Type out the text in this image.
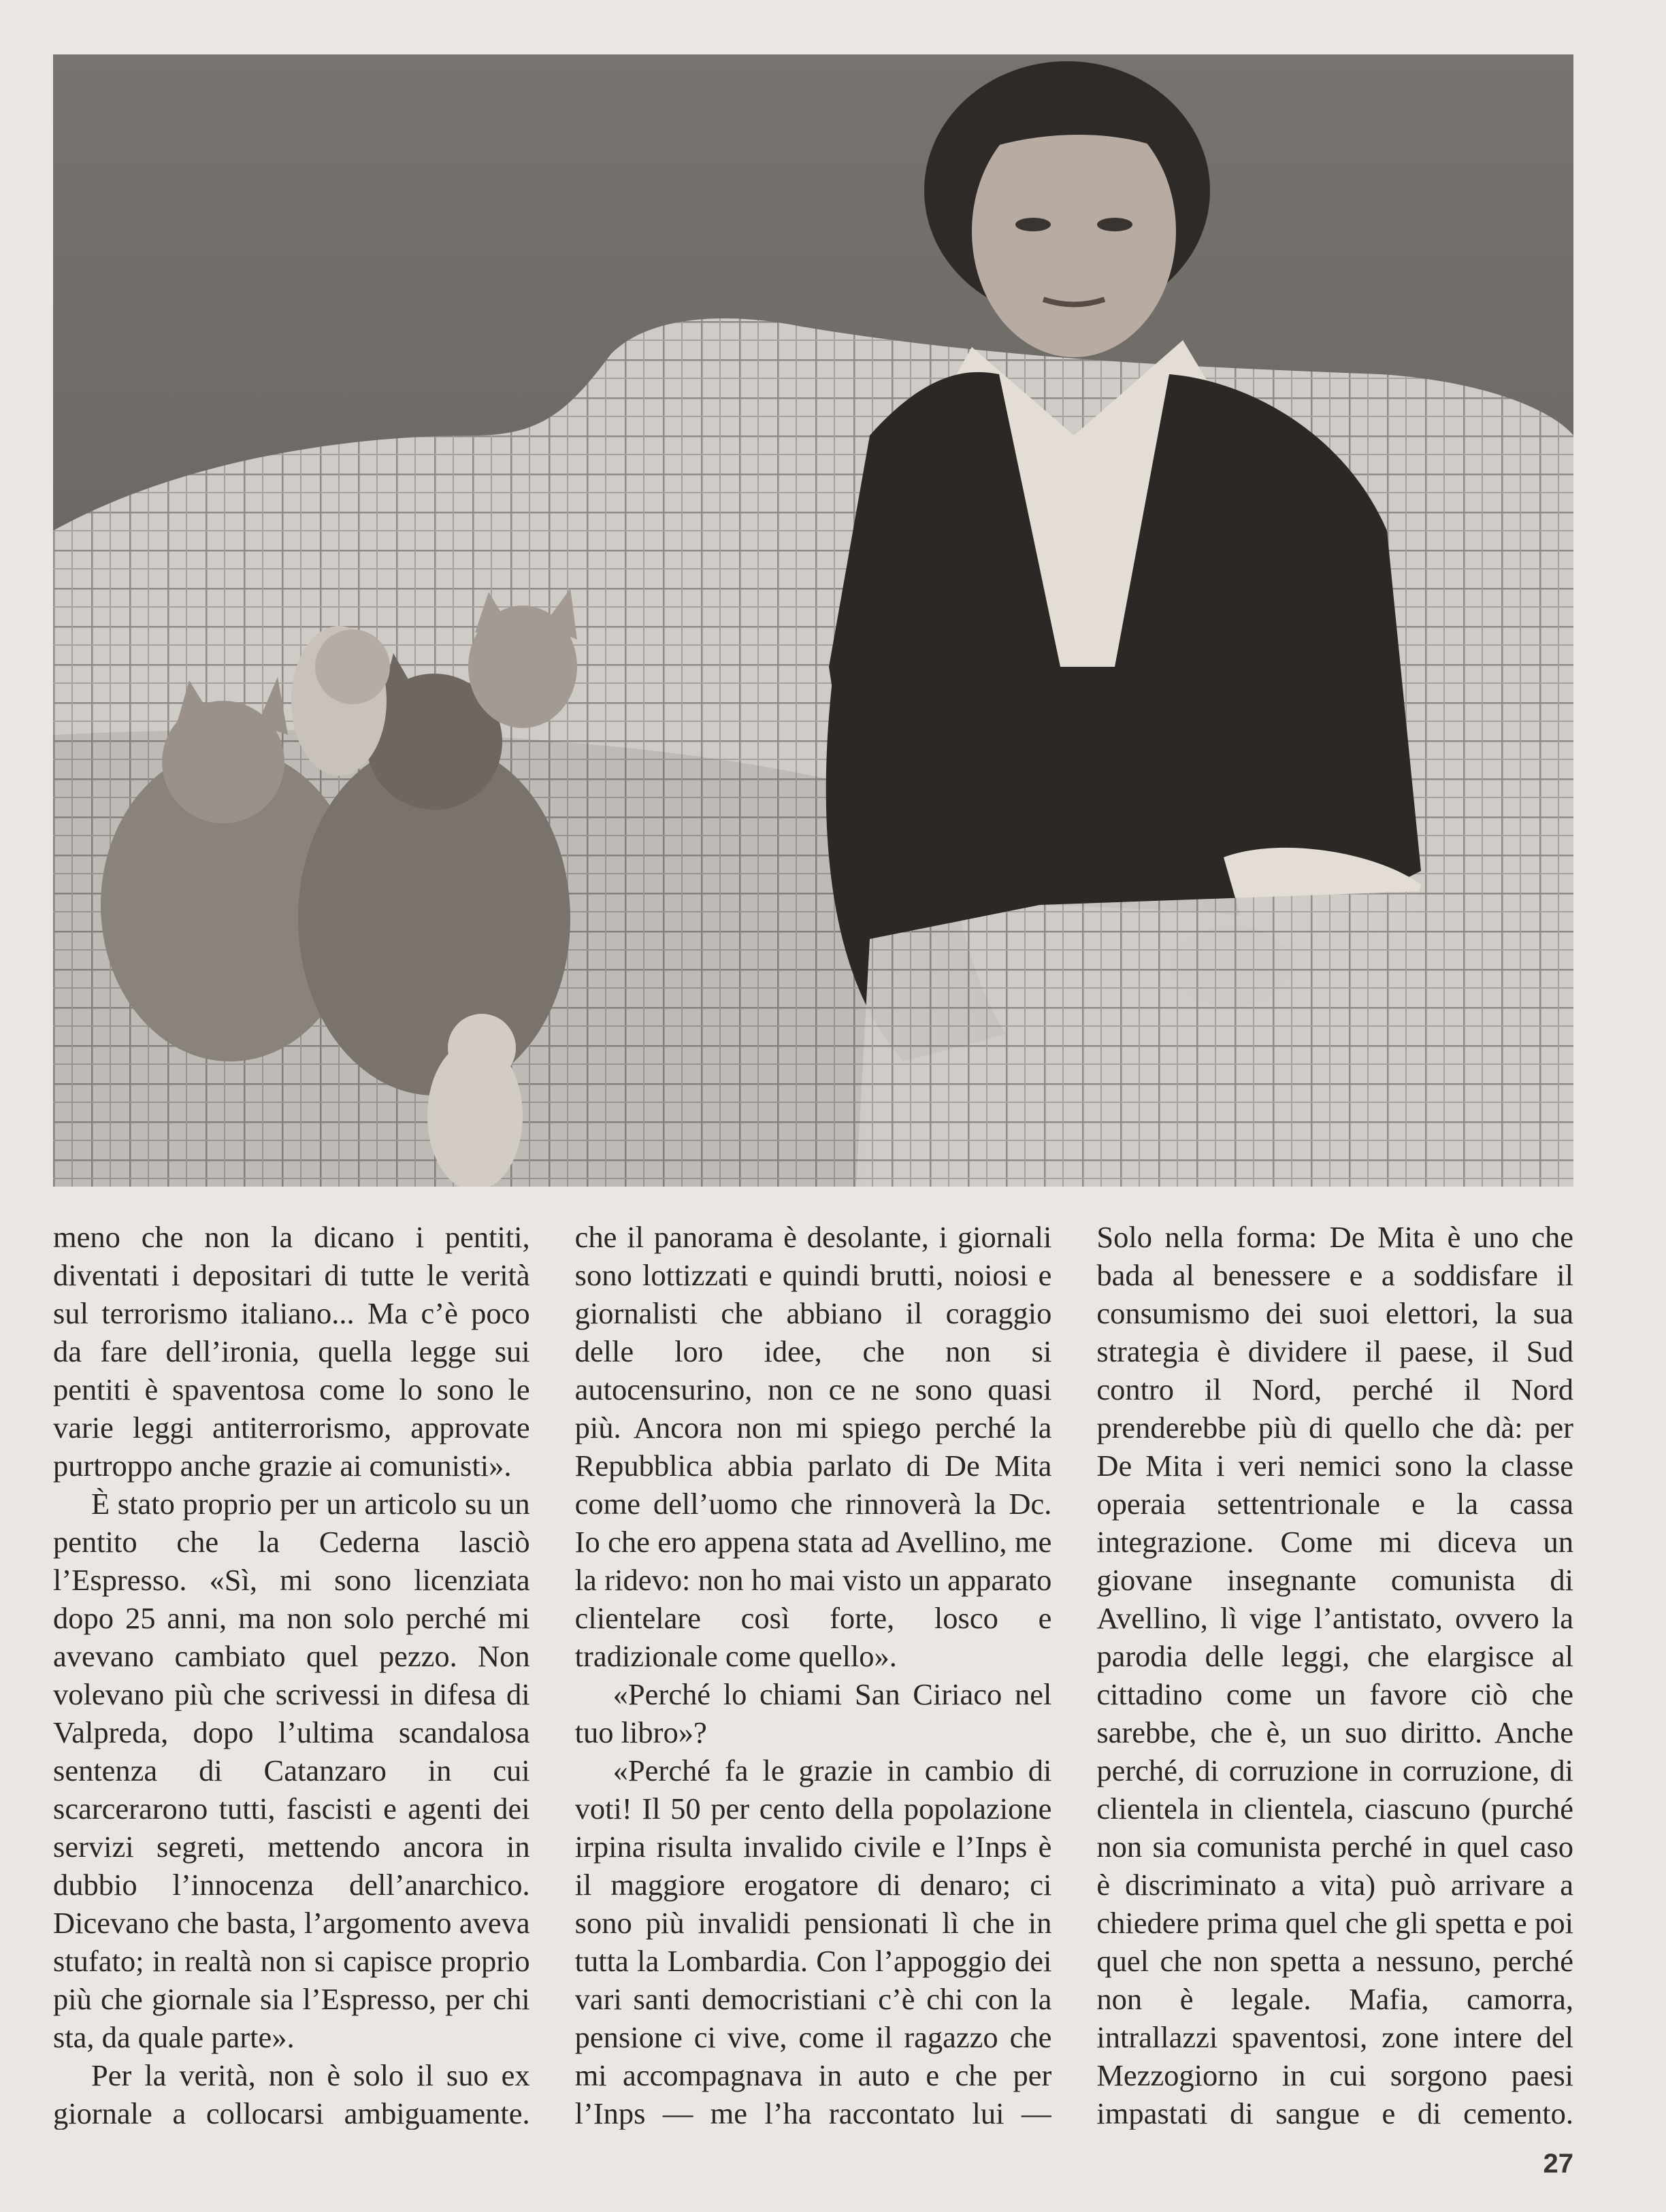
meno che non la dicano i pentiti, diventati i depositari di tutte le verità sul terrorismo italiano... Ma c’è poco da fare dell’ironia, quella legge sui pentiti è spaventosa come lo sono le varie leggi antiterrorismo, approvate purtroppo anche grazie ai comunisti».

È stato proprio per un articolo su un pentito che la Cederna lasciò l’Espresso. «Sì, mi sono licenziata dopo 25 anni, ma non solo perché mi avevano cambiato quel pezzo. Non volevano più che scrivessi in difesa di Valpreda, dopo l’ultima scandalosa sentenza di Catanzaro in cui scarcerarono tutti, fascisti e agenti dei servizi segreti, mettendo ancora in dubbio l’innocenza dell’anarchico. Dicevano che basta, l’argomento aveva stufato; in realtà non si capisce proprio più che giornale sia l’Espresso, per chi sta, da quale parte».

Per la verità, non è solo il suo ex giornale a collocarsi ambiguamente.

che il panorama è desolante, i giornali sono lottizzati e quindi brutti, noiosi e giornalisti che abbiano il coraggio delle loro idee, che non si autocensurino, non ce ne sono quasi più. Ancora non mi spiego perché la Repubblica abbia parlato di De Mita come dell’uomo che rinnoverà la Dc. Io che ero appena stata ad Avellino, me la ridevo: non ho mai visto un apparato clientelare così forte, losco e tradizionale come quello».

«Perché lo chiami San Ciriaco nel tuo libro»?

«Perché fa le grazie in cambio di voti! Il 50 per cento della popolazione irpina risulta invalido civile e l’Inps è il maggiore erogatore di denaro; ci sono più invalidi pensionati lì che in tutta la Lombardia. Con l’appoggio dei vari santi democristiani c’è chi con la pensione ci vive, come il ragazzo che mi accompagnava in auto e che per l’Inps — me l’ha raccontato lui —

Solo nella forma: De Mita è uno che bada al benessere e a soddisfare il consumismo dei suoi elettori, la sua strategia è dividere il paese, il Sud contro il Nord, perché il Nord prenderebbe più di quello che dà: per De Mita i veri nemici sono la classe operaia settentrionale e la cassa integrazione. Come mi diceva un giovane insegnante comunista di Avellino, lì vige l’antistato, ovvero la parodia delle leggi, che elargisce al cittadino come un favore ciò che sarebbe, che è, un suo diritto. Anche perché, di corruzione in corruzione, di clientela in clientela, ciascuno (purché non sia comunista perché in quel caso è discriminato a vita) può arrivare a chiedere prima quel che gli spetta e poi quel che non spetta a nessuno, perché non è legale. Mafia, camorra, intrallazzi spaventosi, zone intere del Mezzogiorno in cui sorgono paesi impastati di sangue e di cemento.

27
